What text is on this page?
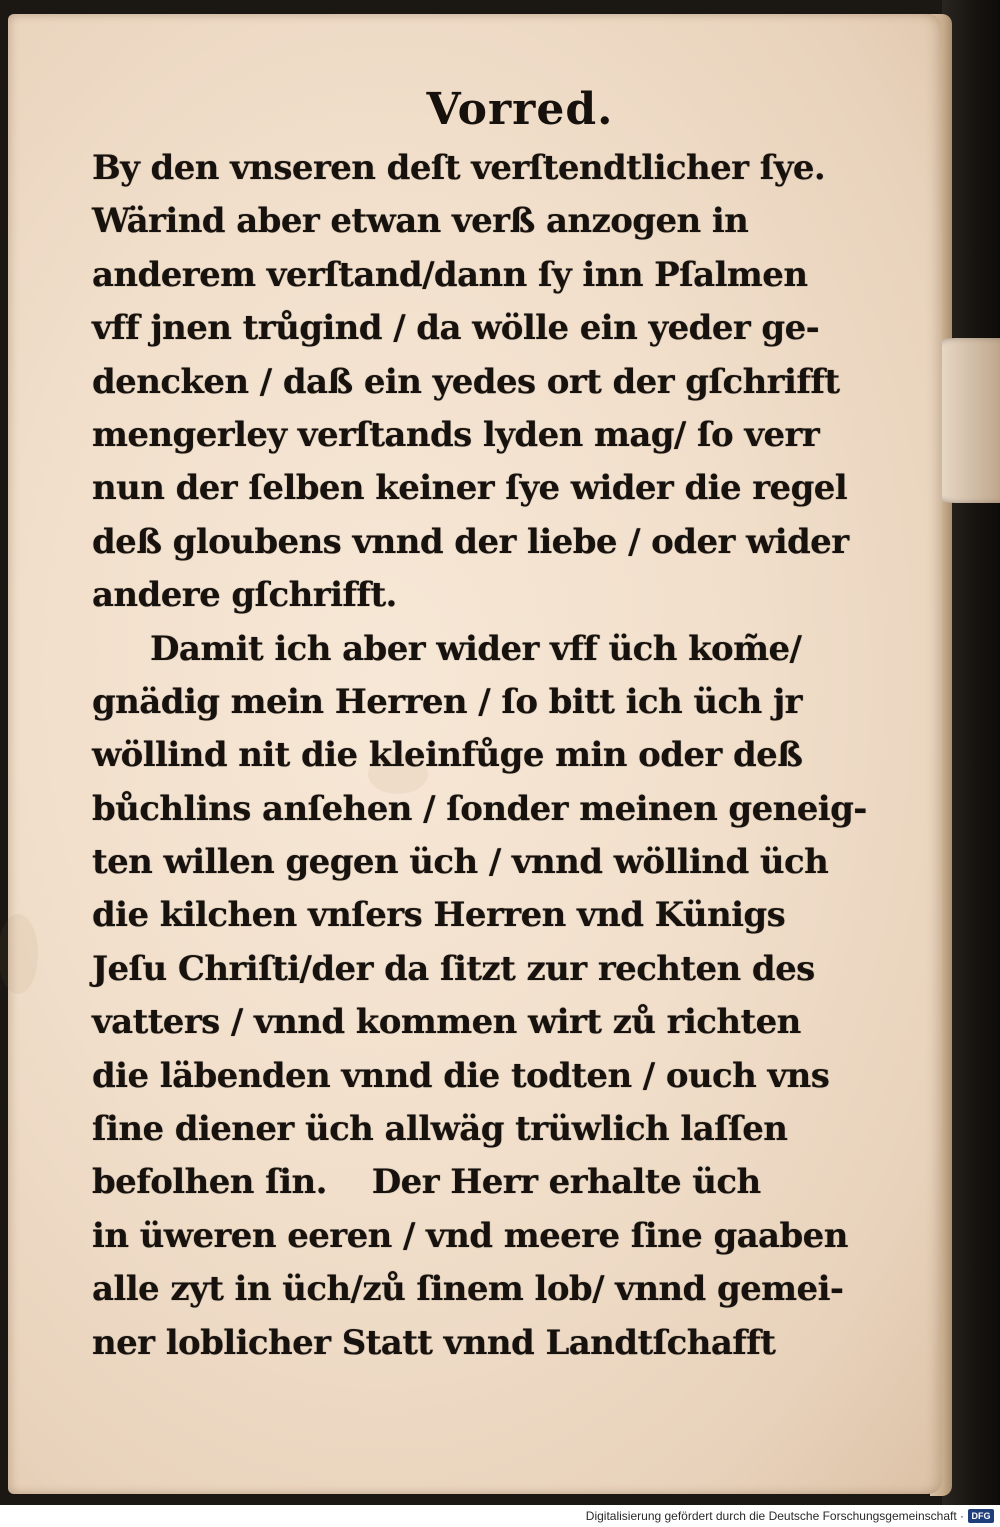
Vorred.
By den vnseren deſt verſtendtlicher ſye.
Wärind aber etwan verß anzogen in
anderem verſtand/dann ſy inn Pſalmen
vff jnen trůgind / da wölle ein yeder ge-
dencken / daß ein yedes ort der gſchrifft
mengerley verſtands lyden mag/ ſo verr
nun der ſelben keiner ſye wider die regel
deß gloubens vnnd der liebe / oder wider
andere gſchrifft.
Damit ich aber wider vff üch kom̃e/
gnädig mein Herren / ſo bitt ich üch jr
wöllind nit die kleinfůge min oder deß
bůchlins anſehen / ſonder meinen geneig-
ten willen gegen üch / vnnd wöllind üch
die kilchen vnſers Herren vnd Künigs
Jeſu Chriſti/der da ſitzt zur rechten des
vatters / vnnd kommen wirt zů richten
die läbenden vnnd die todten / ouch vns
ſine diener üch allwäg trüwlich laſſen
befolhen ſin.    Der Herr erhalte üch
in üweren eeren / vnd meere ſine gaaben
alle zyt in üch/zů ſinem lob/ vnnd gemei-
ner loblicher Statt vnnd Landtſchafft
Digitalisierung gefördert durch die Deutsche Forschungsgemeinschaft · DFG
